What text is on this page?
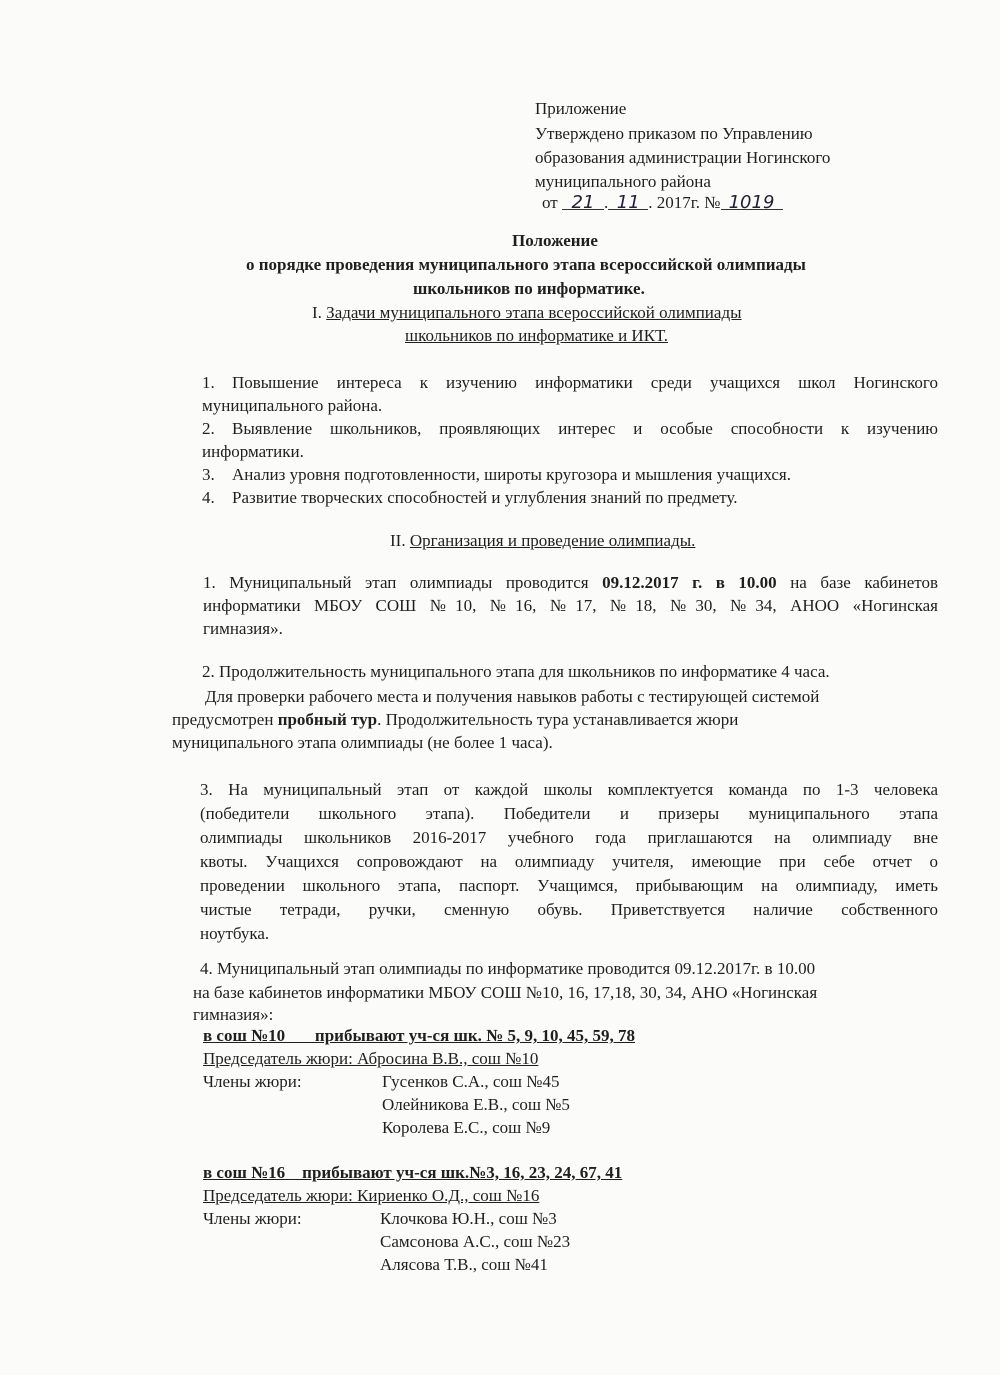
Приложение
Утверждено приказом по Управлению
образования администрации Ногинского
муниципального района
от 21 . 11 . 2017г. № 1019
Положение
о порядке проведения муниципального этапа всероссийской олимпиады
школьников по информатике.
I. Задачи муниципального этапа всероссийской олимпиады
школьников по информатике и ИКТ.
1. Повышение интереса к изучению информатики среди учащихся школ Ногинского
муниципального района.
2. Выявление школьников, проявляющих интерес и особые способности к изучению
информатики.
3. Анализ уровня подготовленности, широты кругозора и мышления учащихся.
4. Развитие творческих способностей и углубления знаний по предмету.
II. Организация и проведение олимпиады.
1. Муниципальный этап олимпиады проводится 09.12.2017 г. в 10.00 на базе кабинетов
информатики МБОУ СОШ №10, №16, №17, №18, №30, №34, АНОО «Ногинская
гимназия».
2. Продолжительность муниципального этапа для школьников по информатике 4 часа.
Для проверки рабочего места и получения навыков работы с тестирующей системой
предусмотрен пробный тур. Продолжительность тура устанавливается жюри
муниципального этапа олимпиады (не более 1 часа).
3. На муниципальный этап от каждой школы комплектуется команда по 1-3 человека
(победители школьного этапа). Победители и призеры муниципального этапа
олимпиады школьников 2016-2017 учебного года приглашаются на олимпиаду вне
квоты. Учащихся сопровождают на олимпиаду учителя, имеющие при себе отчет о
проведении школьного этапа, паспорт. Учащимся, прибывающим на олимпиаду, иметь
чистые тетради, ручки, сменную обувь. Приветствуется наличие собственного
ноутбука.
4. Муниципальный этап олимпиады по информатике проводится 09.12.2017г. в 10.00
на базе кабинетов информатики МБОУ СОШ №10, 16, 17,18, 30, 34, АНО «Ногинская
гимназия»:
в сош №10       прибывают уч-ся шк. № 5, 9, 10, 45, 59, 78
Председатель жюри: Абросина В.В., сош №10
Члены жюри:	Гусенков С.А., сош №45
Олейникова Е.В., сош №5
Королева Е.С., сош №9
в сош №16    прибывают уч-ся шк.№3, 16, 23, 24, 67, 41
Председатель жюри: Кириенко О.Д., сош №16
Члены жюри:	Клочкова Ю.Н., сош №3
Самсонова А.С., сош №23
Алясова Т.В., сош №41
